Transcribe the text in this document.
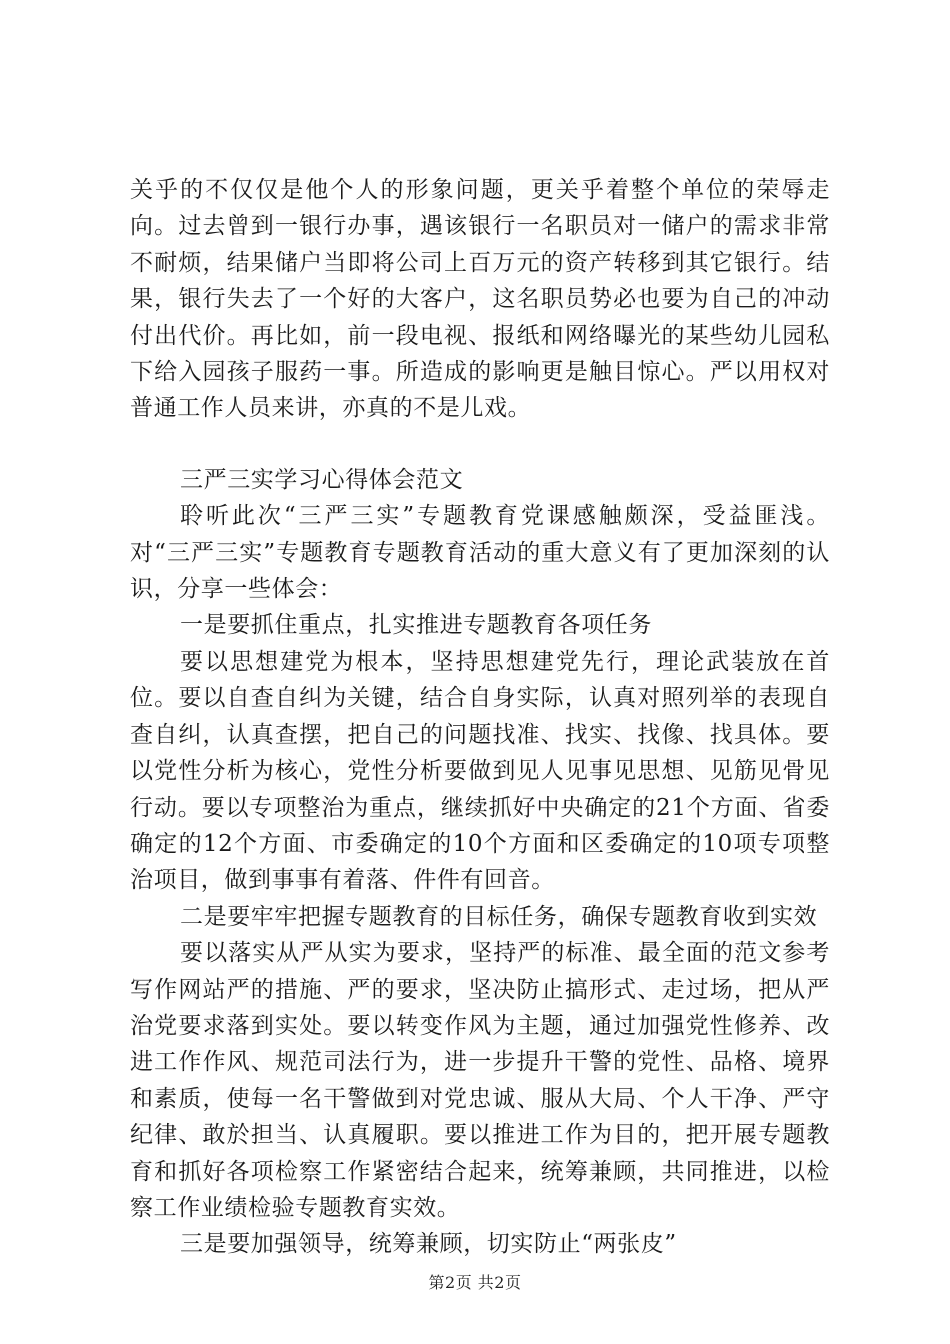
关乎的不仅仅是他个人的形象问题，更关乎着整个单位的荣辱走向。过去曾到一银行办事，遇该银行一名职员对一储户的需求非常不耐烦，结果储户当即将公司上百万元的资产转移到其它银行。结果，银行失去了一个好的大客户，这名职员势必也要为自己的冲动付出代价。再比如，前一段电视、报纸和网络曝光的某些幼儿园私下给入园孩子服药一事。所造成的影响更是触目惊心。严以用权对普通工作人员来讲，亦真的不是儿戏。

三严三实学习心得体会范文

聆听此次“三严三实”专题教育党课感触颇深，受益匪浅。对“三严三实”专题教育专题教育活动的重大意义有了更加深刻的认识，分享一些体会：

一是要抓住重点，扎实推进专题教育各项任务

要以思想建党为根本，坚持思想建党先行，理论武装放在首位。要以自查自纠为关键，结合自身实际，认真对照列举的表现自查自纠，认真查摆，把自己的问题找准、找实、找像、找具体。要以党性分析为核心，党性分析要做到见人见事见思想、见筋见骨见行动。要以专项整治为重点，继续抓好中央确定的21个方面、省委确定的12个方面、市委确定的10个方面和区委确定的10项专项整治项目，做到事事有着落、件件有回音。

二是要牢牢把握专题教育的目标任务，确保专题教育收到实效

要以落实从严从实为要求，坚持严的标准、最全面的范文参考写作网站严的措施、严的要求，坚决防止搞形式、走过场，把从严治党要求落到实处。要以转变作风为主题，通过加强党性修养、改进工作作风、规范司法行为，进一步提升干警的党性、品格、境界和素质，使每一名干警做到对党忠诚、服从大局、个人干净、严守纪律、敢於担当、认真履职。要以推进工作为目的，把开展专题教育和抓好各项检察工作紧密结合起来，统筹兼顾，共同推进，以检察工作业绩检验专题教育实效。

三是要加强领导，统筹兼顾，切实防止“两张皮”

第2页 共2页
